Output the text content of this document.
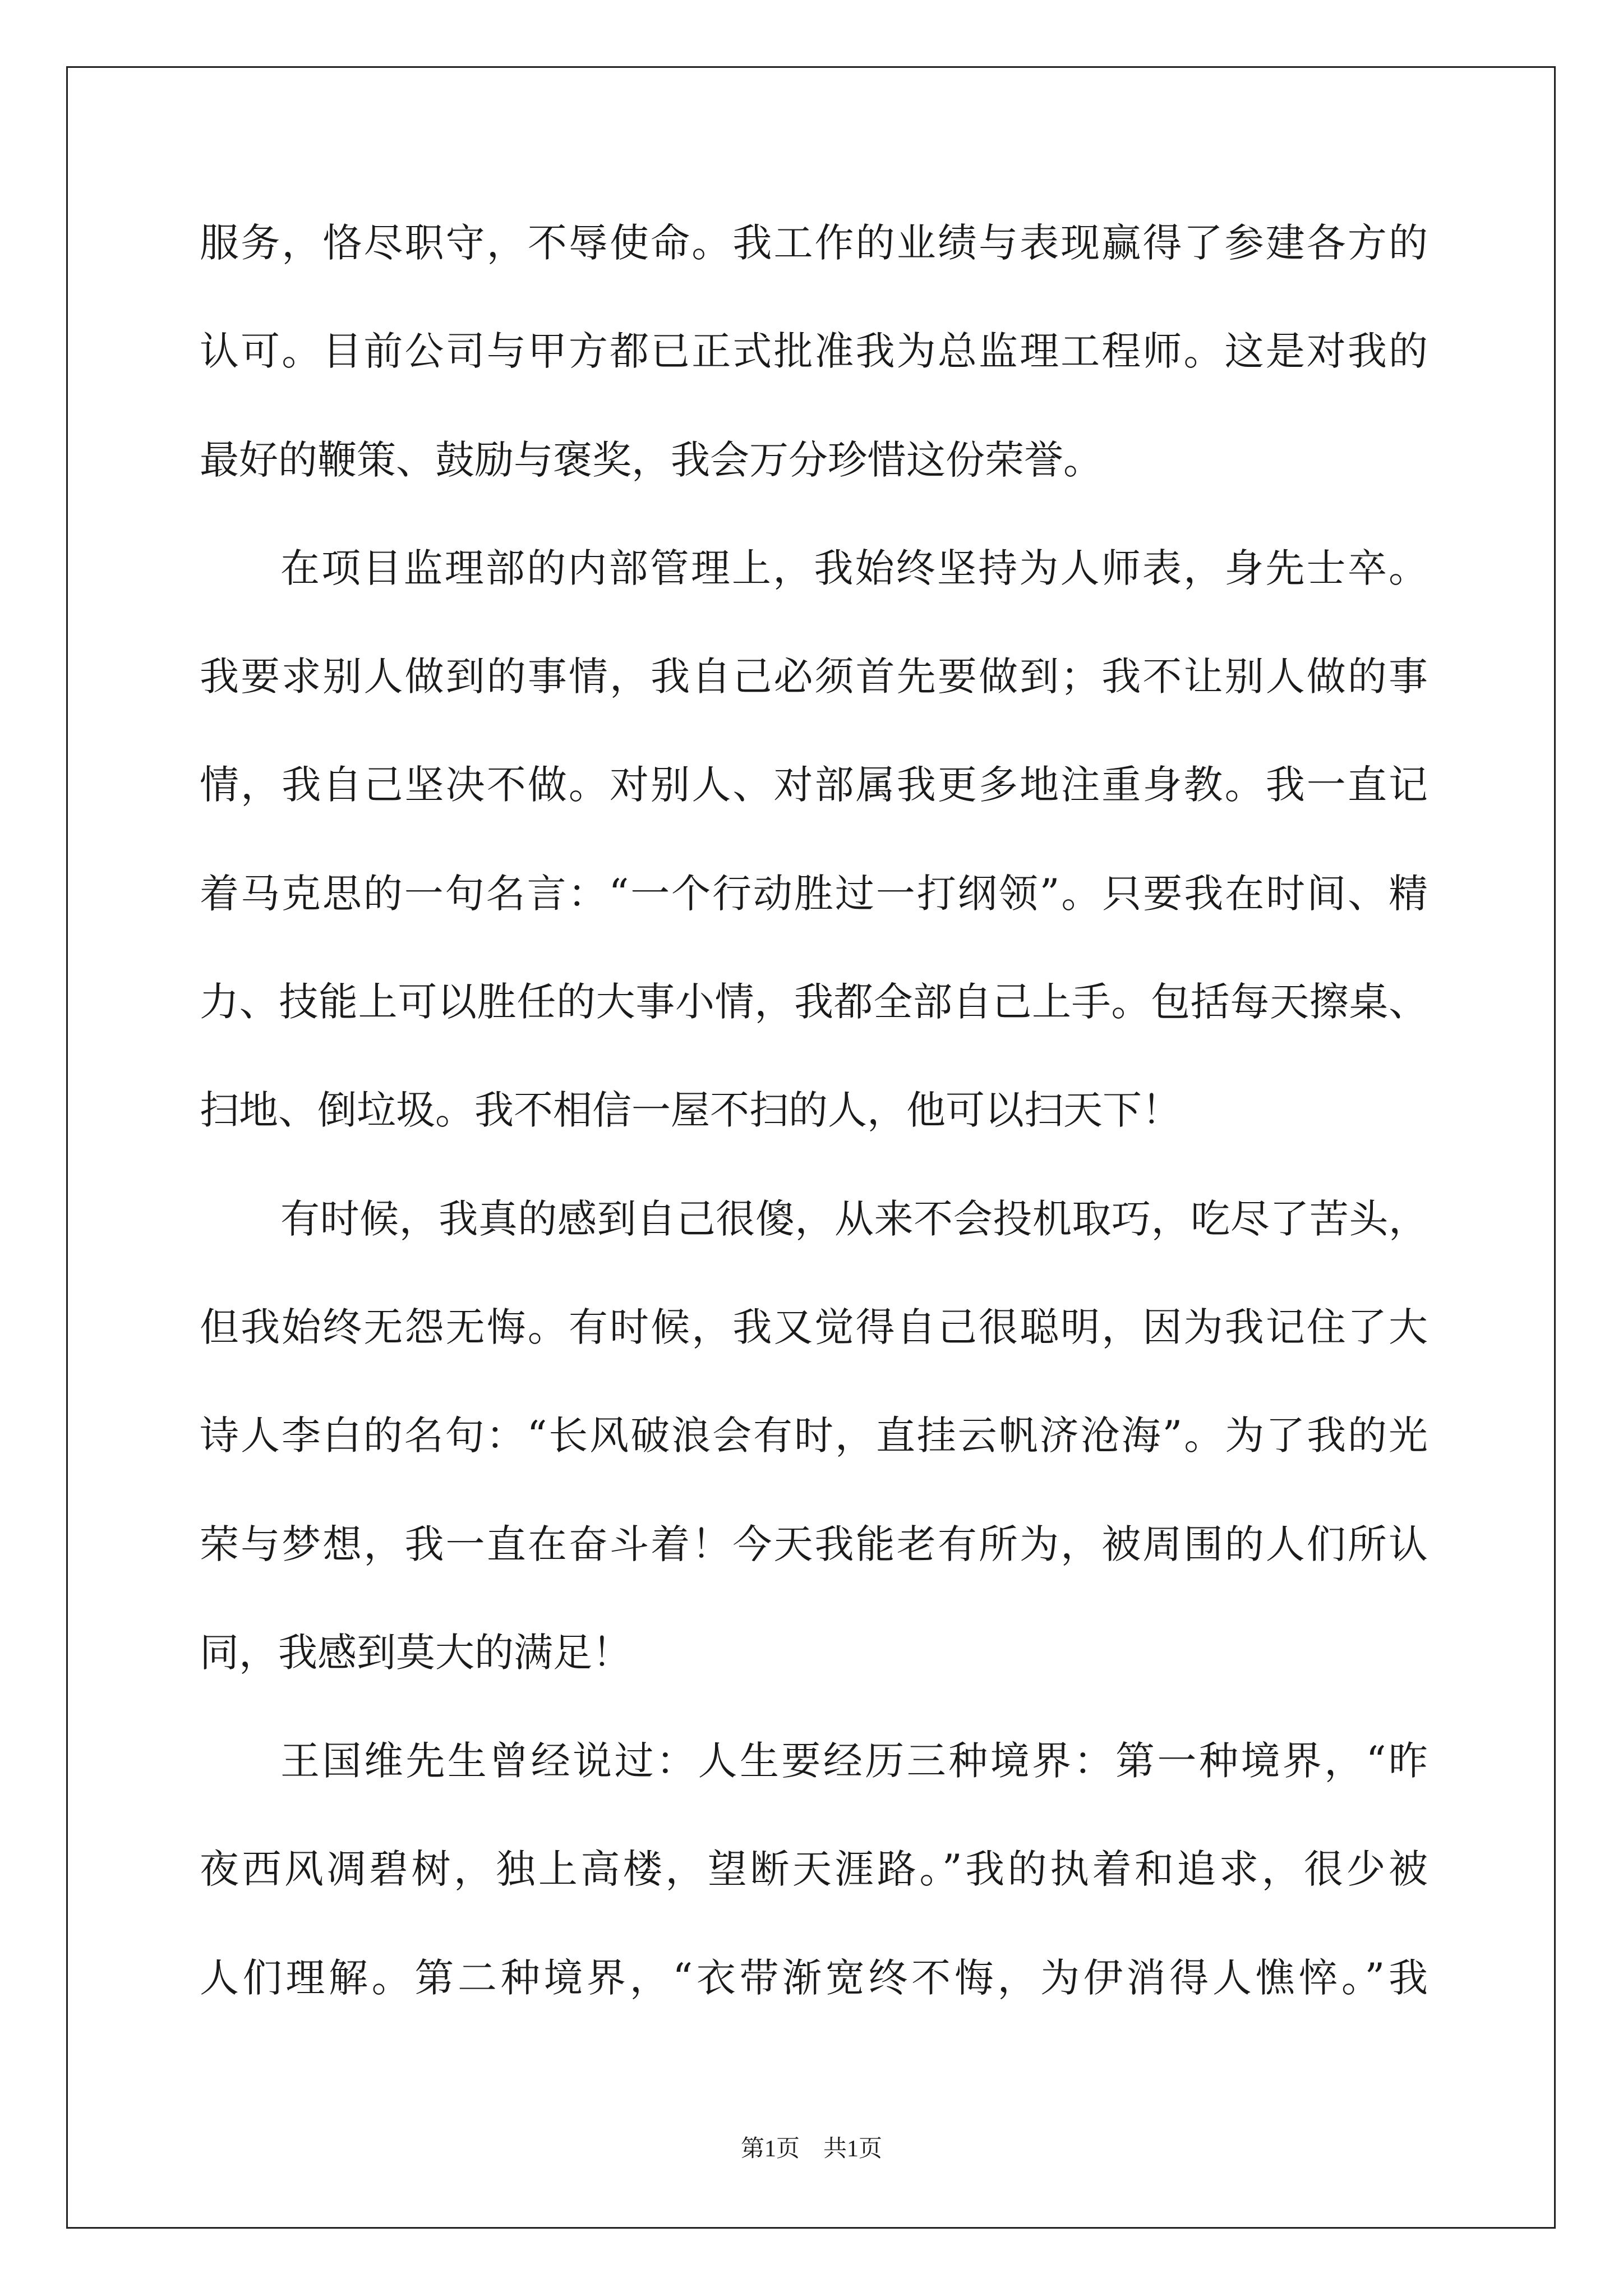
服务，恪尽职守，不辱使命。我工作的业绩与表现赢得了参建各方的
认可。目前公司与甲方都已正式批准我为总监理工程师。这是对我的
最好的鞭策、鼓励与褒奖，我会万分珍惜这份荣誉。
在项目监理部的内部管理上，我始终坚持为人师表，身先士卒。
我要求别人做到的事情，我自己必须首先要做到；我不让别人做的事
情，我自己坚决不做。对别人、对部属我更多地注重身教。我一直记
着马克思的一句名言：“一个行动胜过一打纲领”。只要我在时间、精
力、技能上可以胜任的大事小情，我都全部自己上手。包括每天擦桌、
扫地、倒垃圾。我不相信一屋不扫的人，他可以扫天下！
有时候，我真的感到自己很傻，从来不会投机取巧，吃尽了苦头，
但我始终无怨无悔。有时候，我又觉得自己很聪明，因为我记住了大
诗人李白的名句：“长风破浪会有时，直挂云帆济沧海”。为了我的光
荣与梦想，我一直在奋斗着！今天我能老有所为，被周围的人们所认
同，我感到莫大的满足！
王国维先生曾经说过：人生要经历三种境界：第一种境界，“昨
夜西风凋碧树，独上高楼，望断天涯路。”我的执着和追求，很少被
人们理解。第二种境界，“衣带渐宽终不悔，为伊消得人憔悴。”我
第1页　共1页
